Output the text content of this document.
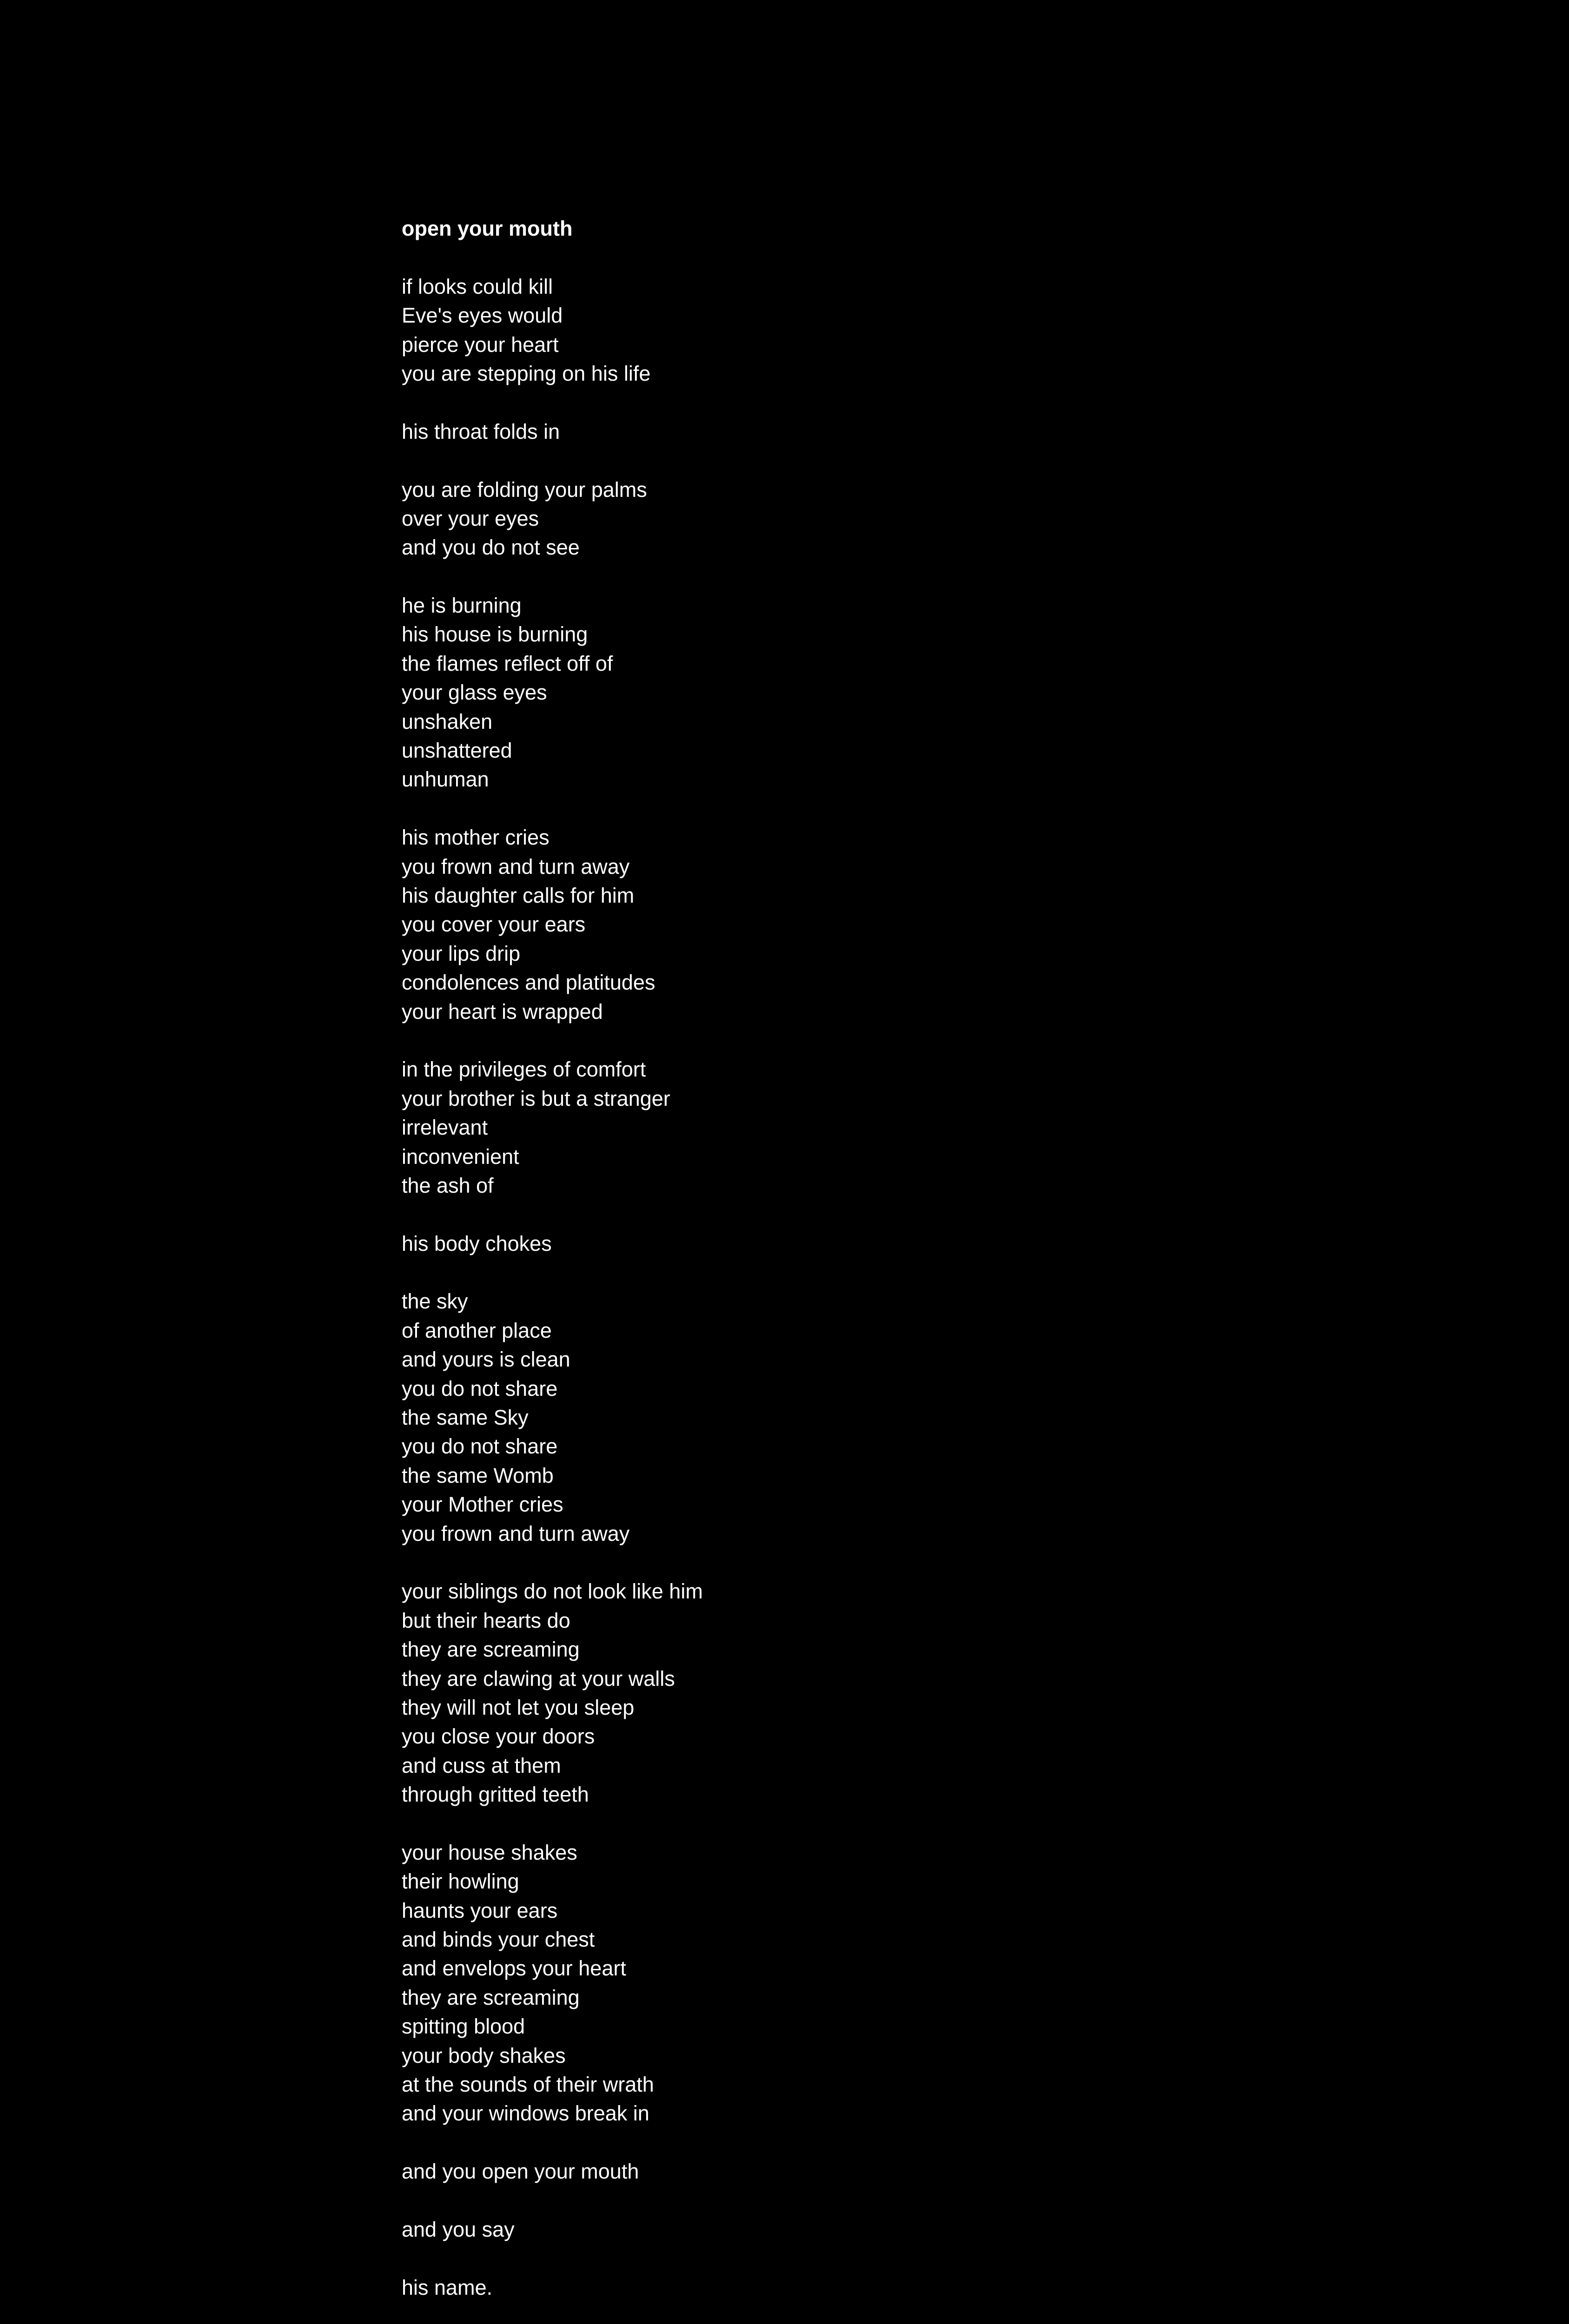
open your mouth

if looks could kill

Eve's eyes would

pierce your heart

you are stepping on his life

his throat folds in

you are folding your palms

over your eyes

and you do not see

he is burning

his house is burning

the flames reflect off of

your glass eyes

unshaken

unshattered

unhuman

his mother cries

you frown and turn away

his daughter calls for him

you cover your ears

your lips drip

condolences and platitudes

your heart is wrapped

in the privileges of comfort

your brother is but a stranger

irrelevant

inconvenient

the ash of

his body chokes

the sky

of another place

and yours is clean

you do not share

the same Sky

you do not share

the same Womb

your Mother cries

you frown and turn away

your siblings do not look like him

but their hearts do

they are screaming

they are clawing at your walls

they will not let you sleep

you close your doors

and cuss at them

through gritted teeth

your house shakes

their howling

haunts your ears

and binds your chest

and envelops your heart

they are screaming

spitting blood

your body shakes

at the sounds of their wrath

and your windows break in

and you open your mouth

and you say

his name.
